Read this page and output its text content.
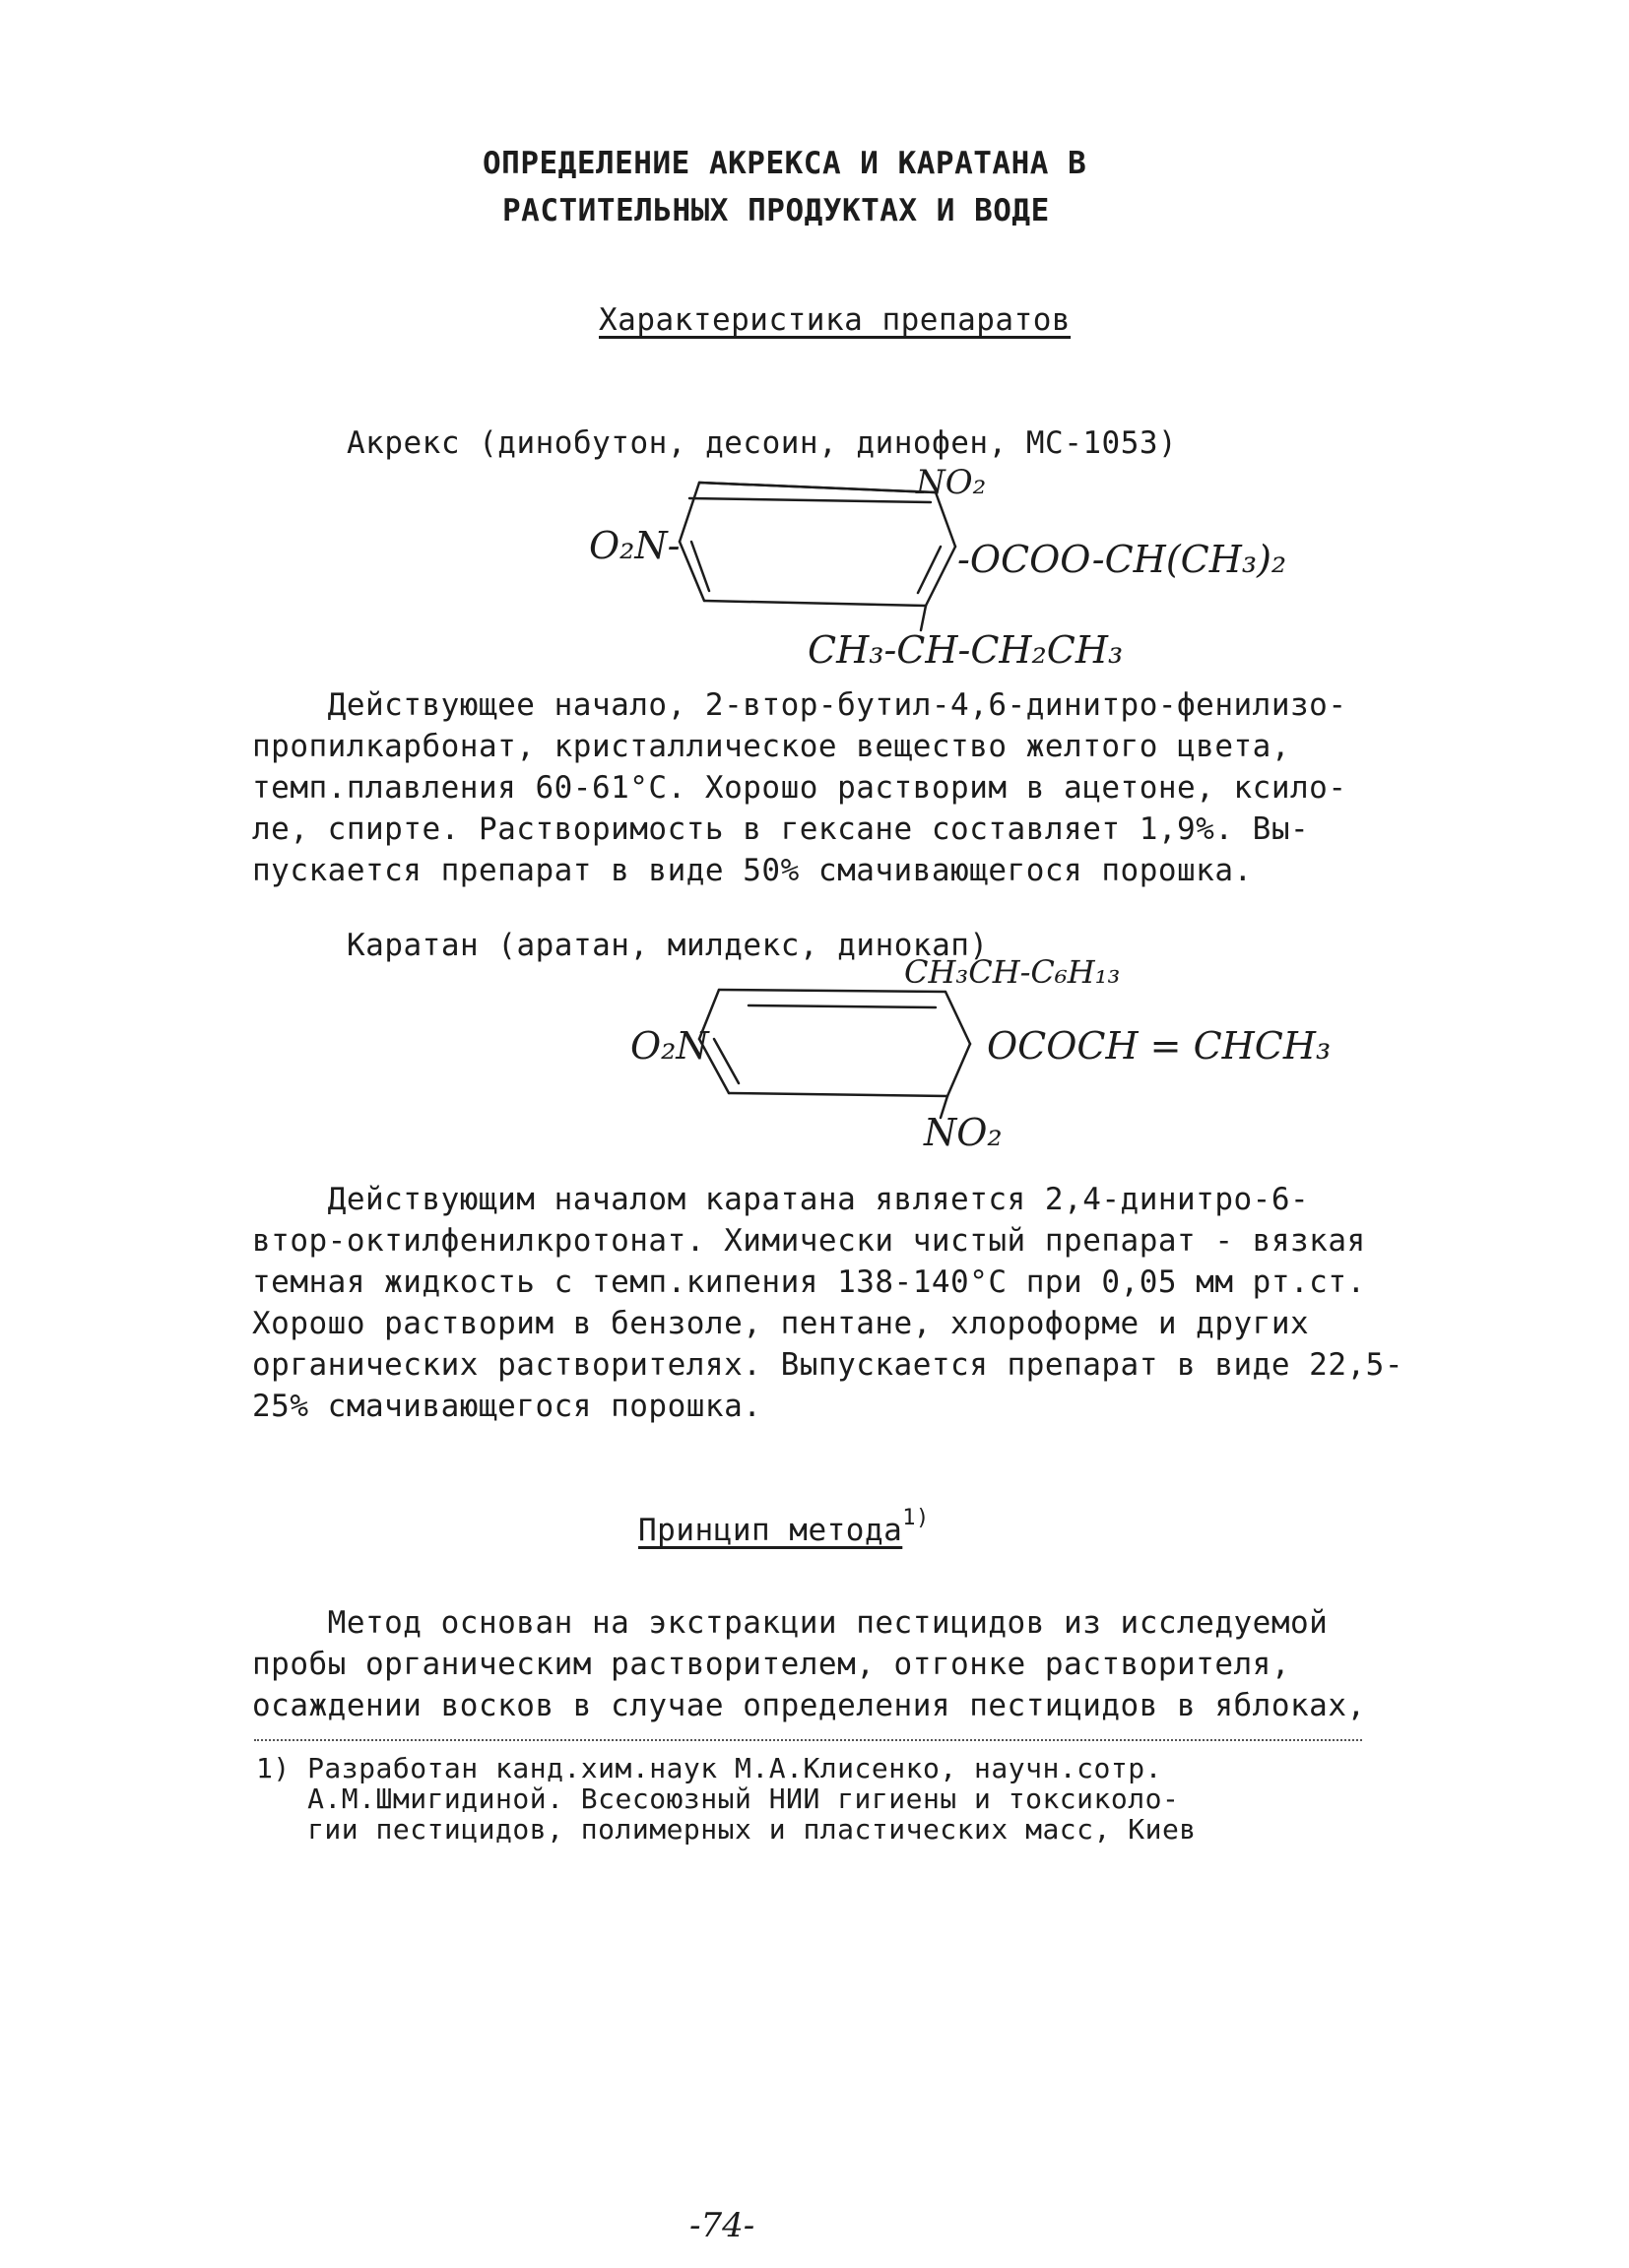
ОПРЕДЕЛЕНИЕ АКРЕКСА И КАРАТАНА В
РАСТИТЕЛЬНЫХ ПРОДУКТАХ И ВОДЕ
Характеристика препаратов
Акрекс (динобутон, десоин, динофен, МС-1053)
NO₂
O₂N-	-OCOO-CH(CH₃)₂
CH₃-CH-CH₂CH₃
Действующее начало, 2-втор-бутил-4,6-динитро-фенилизо-
пропилкарбонат, кристаллическое вещество желтого цвета,
темп.плавления 60-61°С. Хорошо растворим в ацетоне, ксило-
ле, спирте. Растворимость в гексане составляет 1,9%. Вы-
пускается препарат в виде 50% смачивающегося порошка.
Каратан (аратан, милдекс, динокап)
CH₃CH-C₆H₁₃
O₂N	OCOCH = CHCH₃
NO₂
Действующим началом каратана является 2,4-динитро-6-
втор-октилфенилкротонат. Химически чистый препарат - вязкая
темная жидкость с темп.кипения 138-140°С при 0,05 мм рт.ст.
Хорошо растворим в бензоле, пентане, хлороформе и других
органических растворителях. Выпускается препарат в виде 22,5-
25% смачивающегося порошка.
Принцип метода$^{1)}$
Метод основан на экстракции пестицидов из исследуемой
пробы органическим растворителем, отгонке растворителя,
осаждении восков в случае определения пестицидов в яблоках,
1) Разработан канд.хим.наук М.А.Клисенко, научн.сотр.
А.М.Шмигидиной. Всесоюзный НИИ гигиены и токсиколо-
гии пестицидов, полимерных и пластических масс, Киев
-74-
